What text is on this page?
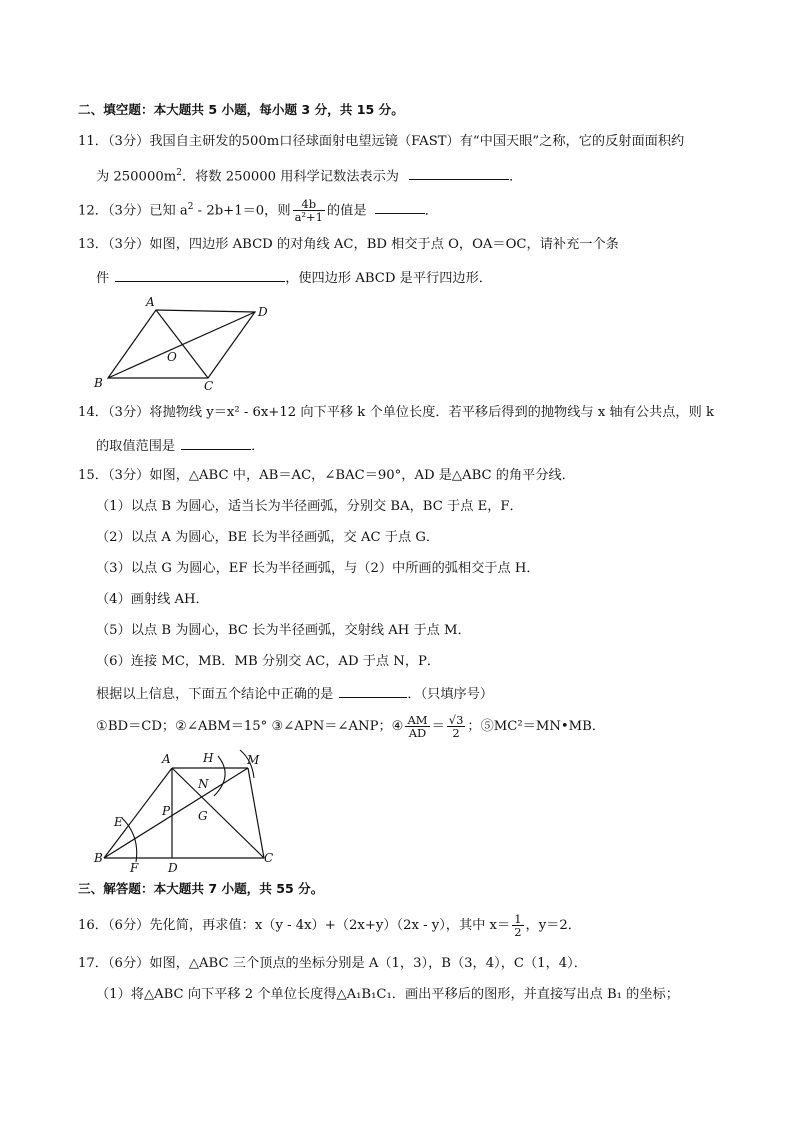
二、填空题：本大题共 5 小题，每小题 3 分，共 15 分。
11．（3分）我国自主研发的500m口径球面射电望远镜（FAST）有“中国天眼”之称，它的反射面面积约
为 $250000m^2$．将数 250000 用科学记数法表示为	．
12．（3分）已知 $a^2 - 2b+1=0$，则 $\frac{4b}{\text{a²+1}}$ 的值是	．
13．（3分）如图，四边形 ABCD 的对角线 AC，BD 相交于点 O，OA＝OC，请补充一个条
件	，使四边形 ABCD 是平行四边形．
A
D
B	C
O
14．（3分）将抛物线 y＝x² - 6x+12 向下平移 k 个单位长度．若平移后得到的抛物线与 x 轴有公共点，则 k
的取值范围是	．
15．（3分）如图，△ABC 中，AB＝AC，∠BAC＝90°，AD 是△ABC 的角平分线．
（1）以点 B 为圆心，适当长为半径画弧，分别交 BA，BC 于点 E，F．
（2）以点 A 为圆心，BE 长为半径画弧，交 AC 于点 G．
（3）以点 G 为圆心，EF 长为半径画弧，与（2）中所画的弧相交于点 H．
（4）画射线 AH．
（5）以点 B 为圆心，BC 长为半径画弧，交射线 AH 于点 M．
（6）连接 MC，MB．MB 分别交 AC，AD 于点 N，P．
根据以上信息，下面五个结论中正确的是	．（只填序号）
①BD＝CD；②∠ABM＝15° ③∠APN＝∠ANP；④ $\frac{AM}{AD} = \frac{√3}{2}$ ；⑤MC²＝MN•MB．
A	H	M
N
P G
E
B
D
F
C
三、解答题：本大题共 7 小题，共 55 分。
16．（6分）先化简，再求值：x（y - 4x）+（2x+y）（2x - y），其中 $x= \frac{1}{2}$ ，y＝2．
17．（6分）如图，△ABC 三个顶点的坐标分别是 A（1，3），B（3，4），C（1，4）．
（1）将△ABC 向下平移 2 个单位长度得△A₁B₁C₁．画出平移后的图形，并直接写出点 B₁ 的坐标；
